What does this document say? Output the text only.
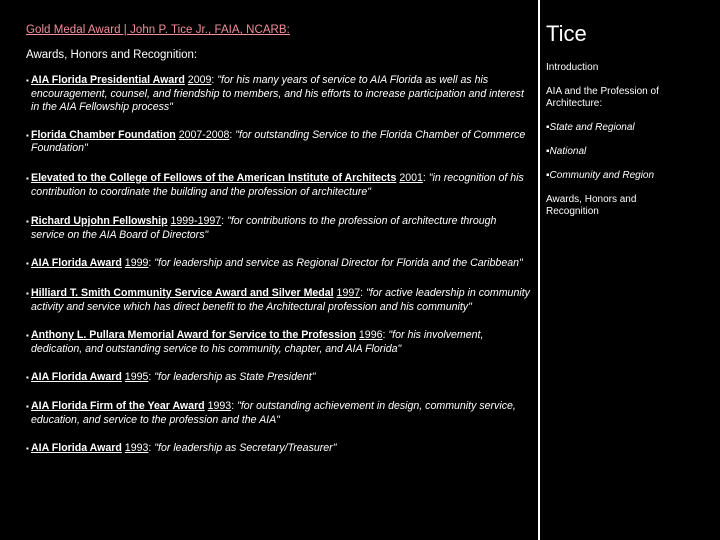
Gold Medal Award | John P. Tice Jr., FAIA, NCARB:
Awards, Honors and Recognition:
▪ AIA Florida Presidential Award 2009: "for his many years of service to AIA Florida as well as his encouragement, counsel, and friendship to members, and his efforts to increase participation and interest in the AIA Fellowship process"
▪ Florida Chamber Foundation 2007-2008: "for outstanding Service to the Florida Chamber of Commerce Foundation"
▪ Elevated to the College of Fellows of the American Institute of Architects 2001: "in recognition of his contribution to coordinate the building and the profession of architecture"
▪ Richard Upjohn Fellowship 1999-1997: "for contributions to the profession of architecture through service on the AIA Board of Directors"
▪ AIA Florida Award 1999: "for leadership and service as Regional Director for Florida and the Caribbean"
▪ Hilliard T. Smith Community Service Award and Silver Medal 1997: "for active leadership in community activity and service which has direct benefit to the Architectural profession and his community"
▪ Anthony L. Pullara Memorial Award for Service to the Profession 1996: "for his involvement, dedication, and outstanding service to his community, chapter, and AIA Florida"
▪ AIA Florida Award 1995: "for leadership as State President"
▪ AIA Florida Firm of the Year Award 1993: "for outstanding achievement in design, community service, education, and service to the profession and the AIA"
▪ AIA Florida Award 1993: "for leadership as Secretary/Treasurer"
Tice
Introduction
AIA and the Profession of Architecture:
▪State and Regional
▪National
▪Community and Region
Awards, Honors and Recognition
